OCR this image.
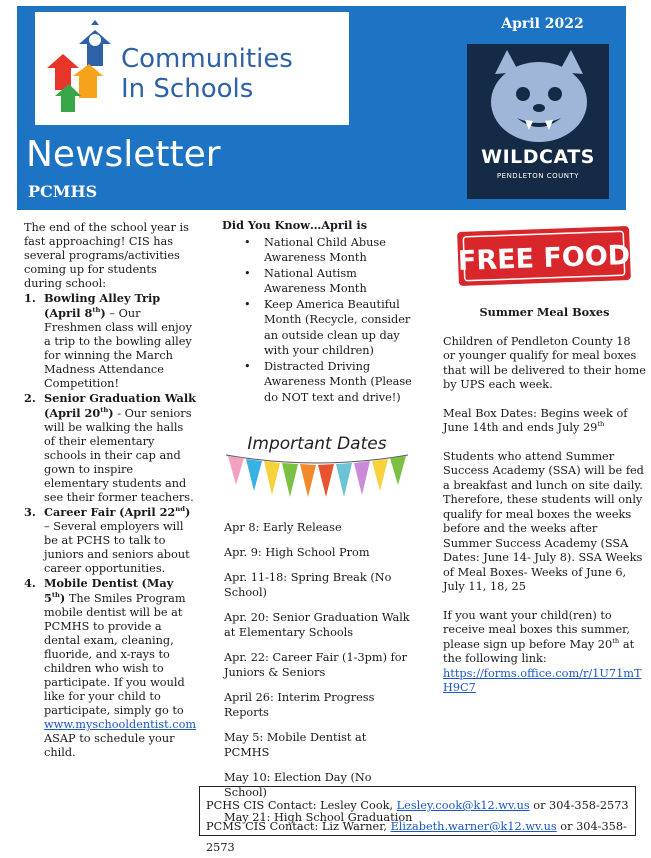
Communities
In Schools
Newsletter
PCMHS
April 2022
WILDCATS
PENDLETON COUNTY

The end of the school year is fast approaching! CIS has several programs/activities coming up for students during school:

1. Bowling Alley Trip
(April 8th) – Our Freshmen class will enjoy a trip to the bowling alley for winning the March Madness Attendance Competition!
2. Senior Graduation Walk
(April 20th) - Our seniors will be walking the halls of their elementary schools in their cap and gown to inspire elementary students and see their former teachers.
3. Career Fair (April 22nd) – Several employers will be at PCHS to talk to juniors and seniors about career opportunities.
4. Mobile Dentist (May 5th) The Smiles Program mobile dentist will be at PCMHS to provide a dental exam, cleaning, fluoride, and x-rays to children who wish to participate. If you would like for your child to participate, simply go to www.myschooldentist.com ASAP to schedule your child.
Did You Know…April is
• National Child Abuse Awareness Month
• National Autism Awareness Month
• Keep America Beautiful Month (Recycle, consider an outside clean up day with your children)
• Distracted Driving Awareness Month (Please do NOT text and drive!)
Important Dates
Apr 8: Early Release
Apr. 9: High School Prom
Apr. 11-18: Spring Break (No School)
Apr. 20: Senior Graduation Walk at Elementary Schools
Apr. 22: Career Fair (1-3pm) for Juniors & Seniors
April 26: Interim Progress Reports
May 5: Mobile Dentist at PCMHS
May 10: Election Day (No School)
May 21: High School Graduation
FREE FOOD
Summer Meal Boxes

Children of Pendleton County 18 or younger qualify for meal boxes that will be delivered to their home by UPS each week.

Meal Box Dates: Begins week of June 14th and ends July 29th

Students who attend Summer Success Academy (SSA) will be fed a breakfast and lunch on site daily. Therefore, these students will only qualify for meal boxes the weeks before and the weeks after Summer Success Academy (SSA Dates: June 14- July 8). SSA Weeks of Meal Boxes- Weeks of June 6, July 11, 18, 25

If you want your child(ren) to receive meal boxes this summer, please sign up before May 20th at the following link:
https://forms.office.com/r/1U71mTH9C7

PCHS CIS Contact: Lesley Cook, Lesley.cook@k12.wv.us or 304-358-2573
PCMS CIS Contact: Liz Warner, Elizabeth.warner@k12.wv.us or 304-358-2573
